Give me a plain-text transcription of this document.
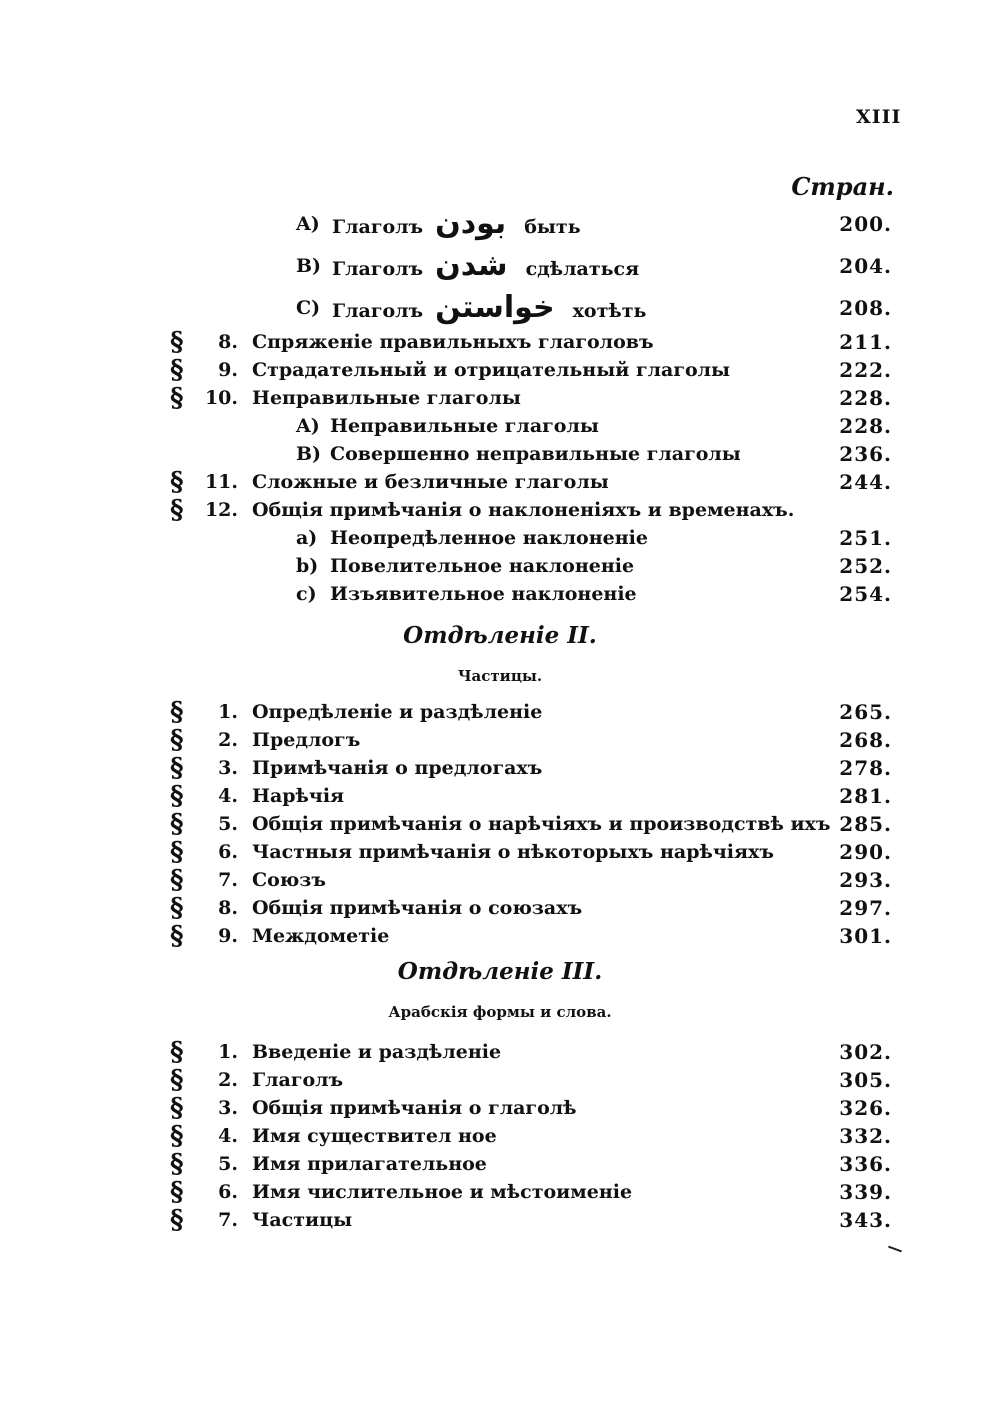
XIII
Стран.
A) Глаголъ بودن быть	200.
B) Глаголъ شدن сдѣлаться	204.
C) Глаголъ خواستن хотѣть	208.
§	8. Спряженіе правильныхъ глаголовъ	211.
§	9. Страдательный и отрицательный глаголы	222.
§	10. Неправильные глаголы	228.
A) Неправильные глаголы	228.
B) Совершенно неправильные глаголы	236.
§	11. Сложные и безличные глаголы	244.
§	12. Общія примѣчанія о наклоненіяхъ и временахъ.
a) Неопредѣленное наклоненіе	251.
b) Повелительное наклоненіе	252.
c) Изъявительное наклоненіе	254.
Отдѣленіе II.
Частицы.
§	1. Опредѣленіе и раздѣленіе	265.
§	2. Предлогъ	268.
§	3. Примѣчанія о предлогахъ	278.
§	4. Нарѣчія	281.
§	5. Общія примѣчанія о нарѣчіяхъ и производствѣ ихъ 285.
§	6. Частныя примѣчанія о нѣкоторыхъ нарѣчіяхъ	290.
§	7. Союзъ	293.
§	8. Общія примѣчанія о союзахъ	297.
§	9. Междометіе	301.
Отдѣленіе III.
Арабскія формы и слова.
§	1. Введеніе и раздѣленіе	302.
§	2. Глаголъ	305.
§	3. Общія примѣчанія о глаголѣ	326.
§	4. Имя существител ное	332.
§	5. Имя прилагательное	336.
§	6. Имя числительное и мѣстоименіе	339.
§	7. Частицы	343.
